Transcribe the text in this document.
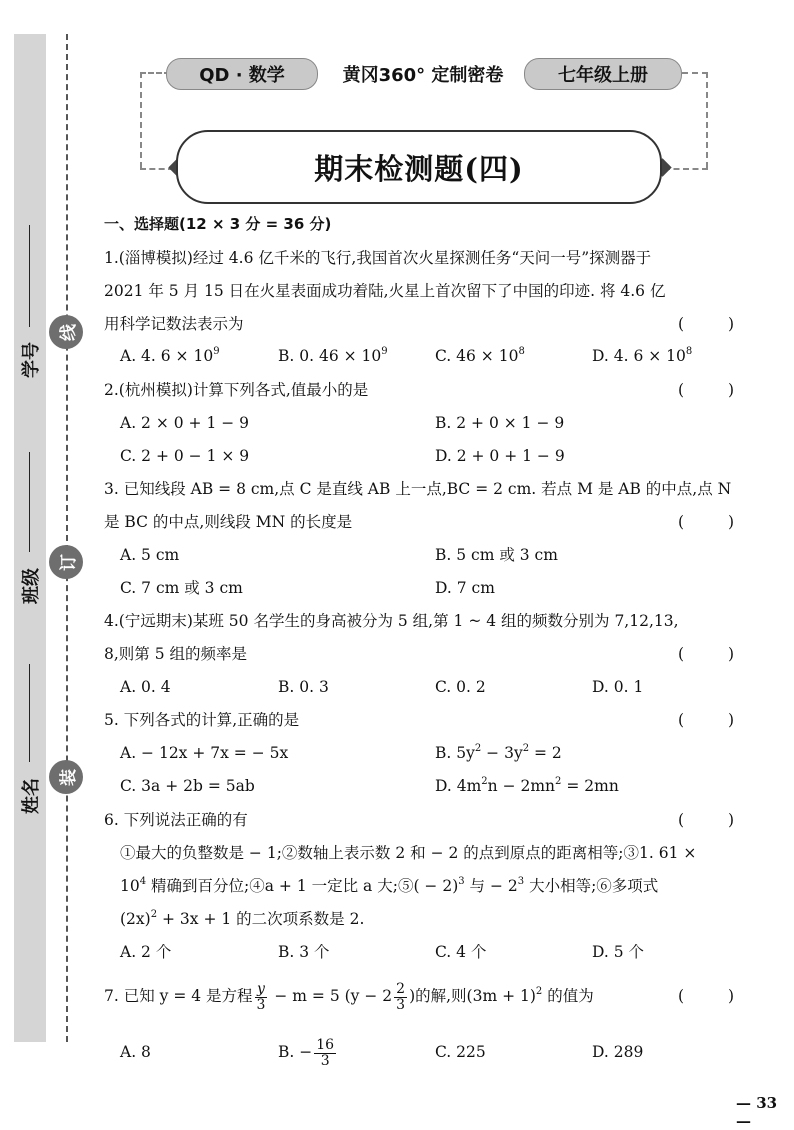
学号
班级
姓名
线
订
装
QD · 数学	黄冈360° 定制密卷	七年级上册
期末检测题(四)
一、选择题(12 × 3 分 = 36 分)
1.(淄博模拟)经过 4.6 亿千米的飞行,我国首次火星探测任务“天问一号”探测器于
2021 年 5 月 15 日在火星表面成功着陆,火星上首次留下了中国的印迹. 将 4.6 亿
用科学记数法表示为	(	)
A. 4. $6 \times 10^9$	B. 0. $46 \times 10^9$	C. $46 \times 10^8$	D. 4. $6 \times 10^8$
2.(杭州模拟)计算下列各式,值最小的是	(	)
A. 2 × 0 + 1 − 9	B. 2 + 0 × 1 − 9
C. 2 + 0 − 1 × 9	D. 2 + 0 + 1 − 9
3. 已知线段 AB = 8 cm,点 C 是直线 AB 上一点,BC = 2 cm. 若点 M 是 AB 的中点,点 N
是 BC 的中点,则线段 MN 的长度是	(	)
A. 5 cm	B. 5 cm 或 3 cm
C. 7 cm 或 3 cm	D. 7 cm
4.(宁远期末)某班 50 名学生的身高被分为 5 组,第 1 ~ 4 组的频数分别为 7,12,13,
8,则第 5 组的频率是	(	)
A. 0. 4	B. 0. 3	C. 0. 2	D. 0. 1
5. 下列各式的计算,正确的是	(	)
A. − 12x + 7x = − 5x	B. $5y^2 - 3y^2 = 2$
C. 3a + 2b = 5ab	D. $4m^2n - 2mn^2 = 2mn$
6. 下列说法正确的有	(	)
①最大的负整数是 − 1;②数轴上表示数 2 和 − 2 的点到原点的距离相等;③1. 61 ×
$10^4$ 精确到百分位;④a + 1 一定比 a 大;⑤( − 2)$^3$ 与 − $2^3$ 大小相等;⑥多项式
$(2x)^2 + 3x + 1$ 的二次项系数是 2.
A. 2 个	B. 3 个	C. 4 个	D. 5 个
7. 已知 y = 4 是方程 $\frac{y}{3} - m = 5$ ($y - 2 \frac{2}{3}$ )的解,则$(3m + 1)^2$ 的值为	(	)
A. 8	B. − $\frac{16}{3}$	C. 225	D. 289
— 33 —
